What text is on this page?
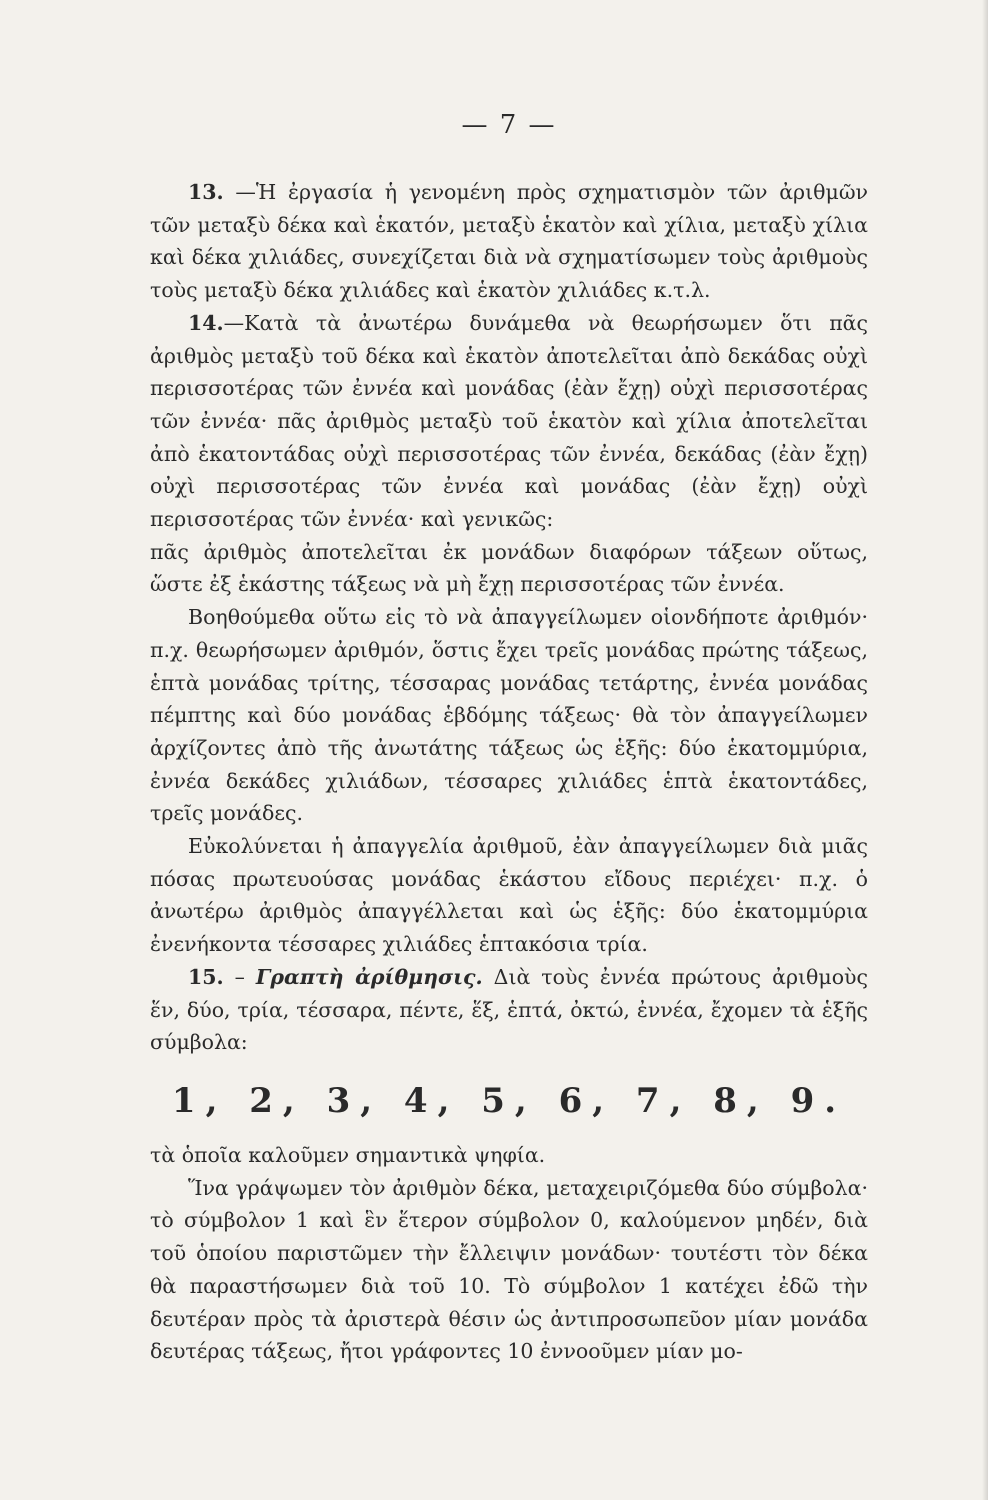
— 7 —

13. —Ἡ ἐργασία ἡ γενομένη πρὸς σχηματισμὸν τῶν ἀριθμῶν τῶν μεταξὺ δέκα καὶ ἑκατόν, μεταξὺ ἑκατὸν καὶ χίλια, μεταξὺ χίλια καὶ δέκα χιλιάδες, συνεχίζεται διὰ νὰ σχηματίσωμεν τοὺς ἀριθμοὺς τοὺς μεταξὺ δέκα χιλιάδες καὶ ἑκατὸν χιλιάδες κ.τ.λ.

14.—Κατὰ τὰ ἀνωτέρω δυνάμεθα νὰ θεωρήσωμεν ὅτι πᾶς ἀριθμὸς μεταξὺ τοῦ δέκα καὶ ἑκατὸν ἀποτελεῖται ἀπὸ δεκάδας οὐχὶ περισσοτέρας τῶν ἐννέα καὶ μονάδας (ἐὰν ἔχῃ) οὐχὶ περισσοτέρας τῶν ἐννέα· πᾶς ἀριθμὸς μεταξὺ τοῦ ἑκατὸν καὶ χίλια ἀποτελεῖται ἀπὸ ἑκατοντάδας οὐχὶ περισσοτέρας τῶν ἐννέα, δεκάδας (ἐὰν ἔχῃ) οὐχὶ περισσοτέρας τῶν ἐννέα καὶ μονάδας (ἐὰν ἔχῃ) οὐχὶ περισσοτέρας τῶν ἐννέα· καὶ γενικῶς:

πᾶς ἀριθμὸς ἀποτελεῖται ἐκ μονάδων διαφόρων τάξεων οὕτως, ὥστε ἐξ ἑκάστης τάξεως νὰ μὴ ἔχῃ περισσοτέρας τῶν ἐννέα.

Βοηθούμεθα οὕτω εἰς τὸ νὰ ἀπαγγείλωμεν οἱονδήποτε ἀριθμόν· π.χ. θεωρήσωμεν ἀριθμόν, ὅστις ἔχει τρεῖς μονάδας πρώτης τάξεως, ἑπτὰ μονάδας τρίτης, τέσσαρας μονάδας τετάρτης, ἐννέα μονάδας πέμπτης καὶ δύο μονάδας ἑβδόμης τάξεως· θὰ τὸν ἀπαγγείλωμεν ἀρχίζοντες ἀπὸ τῆς ἀνωτάτης τάξεως ὡς ἑξῆς: δύο ἑκατομμύρια, ἐννέα δεκάδες χιλιάδων, τέσσαρες χιλιάδες ἑπτὰ ἑκατοντάδες, τρεῖς μονάδες.

Εὐκολύνεται ἡ ἀπαγγελία ἀριθμοῦ, ἐὰν ἀπαγγείλωμεν διὰ μιᾶς πόσας πρωτευούσας μονάδας ἑκάστου εἴδους περιέχει· π.χ. ὁ ἀνωτέρω ἀριθμὸς ἀπαγγέλλεται καὶ ὡς ἑξῆς: δύο ἑκατομμύρια ἐνενήκοντα τέσσαρες χιλιάδες ἑπτακόσια τρία.

15. – Γραπτὴ ἀρίθμησις. Διὰ τοὺς ἐννέα πρώτους ἀριθμοὺς ἕν, δύο, τρία, τέσσαρα, πέντε, ἕξ, ἑπτά, ὀκτώ, ἐννέα, ἔχομεν τὰ ἑξῆς σύμβολα:

1, 2, 3, 4, 5, 6, 7, 8, 9.

τὰ ὁποῖα καλοῦμεν σημαντικὰ ψηφία.

Ἵνα γράψωμεν τὸν ἀριθμὸν δέκα, μεταχειριζόμεθα δύο σύμβολα· τὸ σύμβολον 1 καὶ ἓν ἕτερον σύμβολον 0, καλούμενον μηδέν, διὰ τοῦ ὁποίου παριστῶμεν τὴν ἔλλειψιν μονάδων· τουτέστι τὸν δέκα θὰ παραστήσωμεν διὰ τοῦ 10. Τὸ σύμβολον 1 κατέχει ἐδῶ τὴν δευτέραν πρὸς τὰ ἀριστερὰ θέσιν ὡς ἀντιπροσωπεῦον μίαν μονάδα δευτέρας τάξεως, ἤτοι γράφοντες 10 ἐννοοῦμεν μίαν μο-
